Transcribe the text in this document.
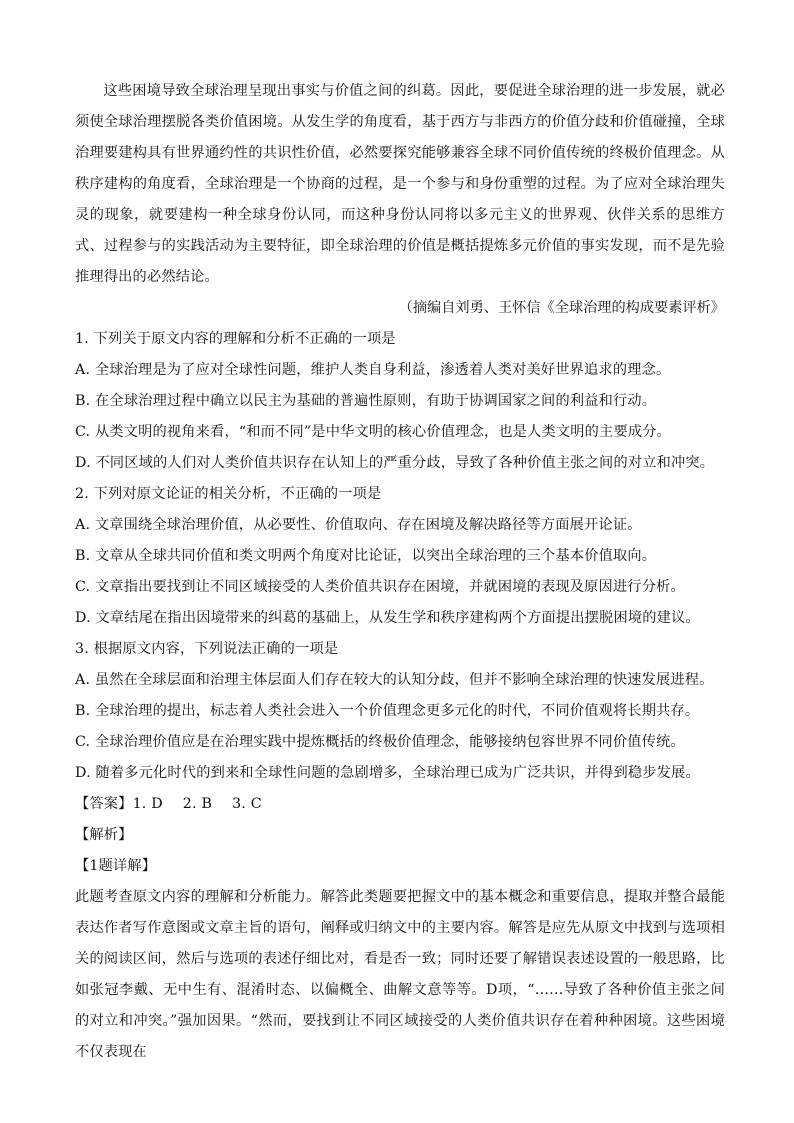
这些困境导致全球治理呈现出事实与价值之间的纠葛。因此，要促进全球治理的进一步发展，就必须使全球治理摆脱各类价值困境。从发生学的角度看，基于西方与非西方的价值分歧和价值碰撞，全球治理要建构具有世界通约性的共识性价值，必然要探究能够兼容全球不同价值传统的终极价值理念。从秩序建构的角度看，全球治理是一个协商的过程，是一个参与和身份重塑的过程。为了应对全球治理失灵的现象，就要建构一种全球身份认同，而这种身份认同将以多元主义的世界观、伙伴关系的思维方式、过程参与的实践活动为主要特征，即全球治理的价值是概括提炼多元价值的事实发现，而不是先验推理得出的必然结论。

（摘编自刘勇、王怀信《全球治理的构成要素评析》

1. 下列关于原文内容的理解和分析不正确的一项是

A. 全球治理是为了应对全球性问题，维护人类自身利益，渗透着人类对美好世界追求的理念。

B. 在全球治理过程中确立以民主为基础的普遍性原则，有助于协调国家之间的利益和行动。

C. 从类文明的视角来看，“和而不同”是中华文明的核心价值理念，也是人类文明的主要成分。

D. 不同区域的人们对人类价值共识存在认知上的严重分歧，导致了各种价值主张之间的对立和冲突。

2. 下列对原文论证的相关分析，不正确的一项是

A. 文章围绕全球治理价值，从必要性、价值取向、存在困境及解决路径等方面展开论证。

B. 文章从全球共同价值和类文明两个角度对比论证，以突出全球治理的三个基本价值取向。

C. 文章指出要找到让不同区域接受的人类价值共识存在困境，并就困境的表现及原因进行分析。

D. 文章结尾在指出因境带来的纠葛的基础上，从发生学和秩序建构两个方面提出摆脱困境的建议。

3. 根据原文内容，下列说法正确的一项是

A. 虽然在全球层面和治理主体层面人们存在较大的认知分歧，但并不影响全球治理的快速发展进程。

B. 全球治理的提出，标志着人类社会进入一个价值理念更多元化的时代，不同价值观将长期共存。

C. 全球治理价值应是在治理实践中提炼概括的终极价值理念，能够接纳包容世界不同价值传统。

D. 随着多元化时代的到来和全球性问题的急剧增多，全球治理已成为广泛共识，并得到稳步发展。

【答案】1. D 2. B 3. C

【解析】

【1题详解】

此题考查原文内容的理解和分析能力。解答此类题要把握文中的基本概念和重要信息，提取并整合最能表达作者写作意图或文章主旨的语句，阐释或归纳文中的主要内容。解答是应先从原文中找到与选项相关的阅读区间，然后与选项的表述仔细比对，看是否一致；同时还要了解错误表述设置的一般思路，比如张冠李戴、无中生有、混淆时态、以偏概全、曲解文意等等。D项，“……导致了各种价值主张之间的对立和冲突。”强加因果。“然而，要找到让不同区域接受的人类价值共识存在着种种困境。这些困境不仅表现在
